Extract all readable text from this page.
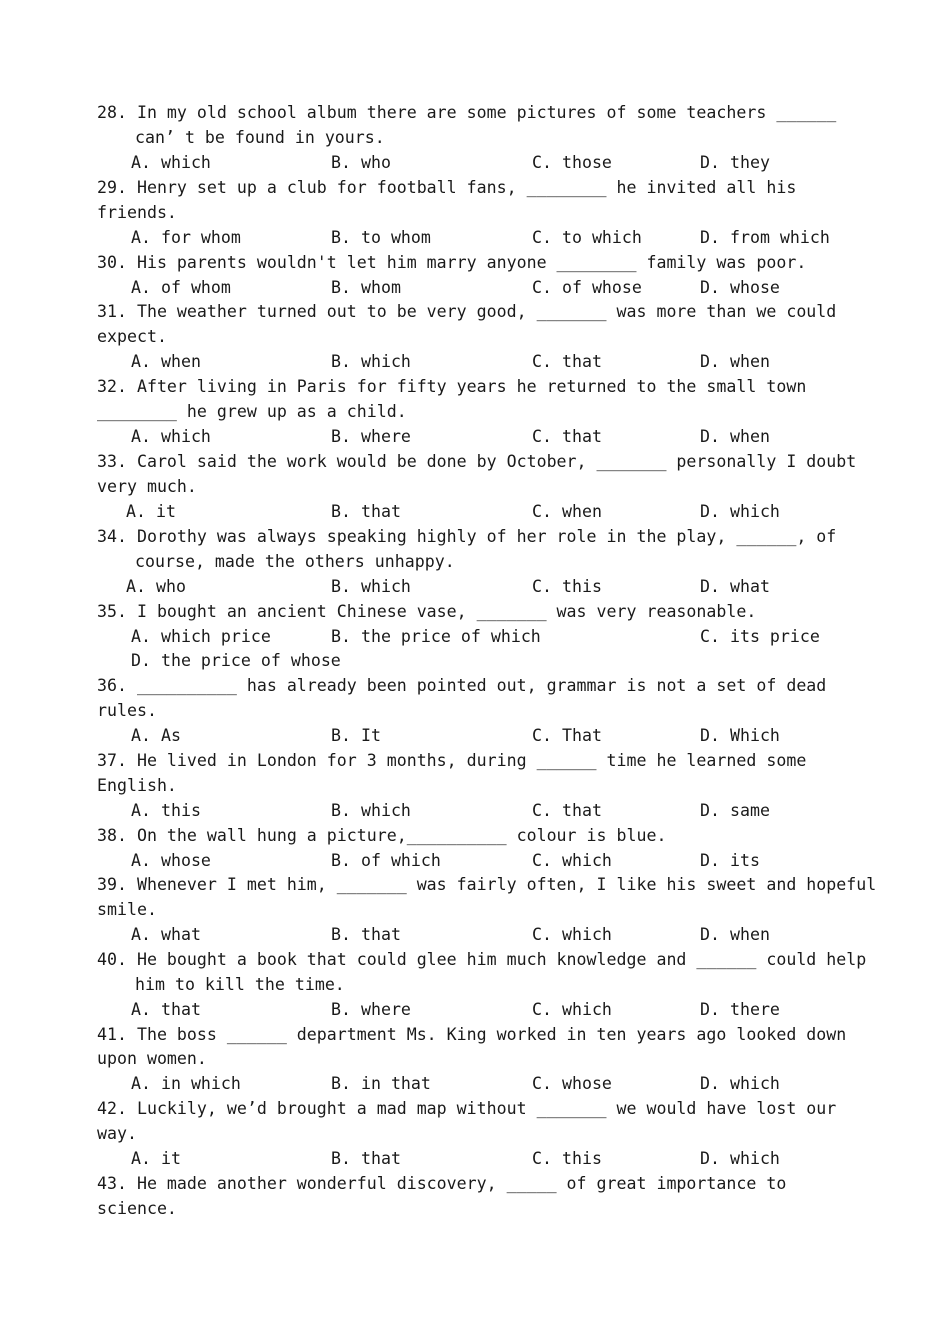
28. In my old school album there are some pictures of some teachers ______
can’ t be found in yours.
A. which	B. who	C. those	D. they
29. Henry set up a club for football fans, ________ he invited all his
friends.
A. for whom	B. to whom	C. to which	D. from which
30. His parents wouldn't let him marry anyone ________ family was poor.
A. of whom	B. whom	C. of whose	D. whose
31. The weather turned out to be very good, _______ was more than we could
expect.
A. when	B. which	C. that	D. when
32. After living in Paris for fifty years he returned to the small town
________ he grew up as a child.
A. which	B. where	C. that	D. when
33. Carol said the work would be done by October, _______ personally I doubt
very much.
A. it	B. that	C. when	D. which
34. Dorothy was always speaking highly of her role in the play, ______, of
course, made the others unhappy.
A. who	B. which	C. this	D. what
35. I bought an ancient Chinese vase, _______ was very reasonable.
A. which price	B. the price of which	C. its price
D. the price of whose
36. __________ has already been pointed out, grammar is not a set of dead
rules.
A. As	B. It	C. That	D. Which
37. He lived in London for 3 months, during ______ time he learned some
English.
A. this	B. which	C. that	D. same
38. On the wall hung a picture,__________ colour is blue.
A. whose	B. of which	C. which	D. its
39. Whenever I met him, _______ was fairly often, I like his sweet and hopeful
smile.
A. what	B. that	C. which	D. when
40. He bought a book that could glee him much knowledge and ______ could help
him to kill the time.
A. that	B. where	C. which	D. there
41. The boss ______ department Ms. King worked in ten years ago looked down
upon women.
A. in which	B. in that	C. whose	D. which
42. Luckily, we’d brought a mad map without _______ we would have lost our
way.
A. it	B. that	C. this	D. which
43. He made another wonderful discovery, _____ of great importance to
science.
